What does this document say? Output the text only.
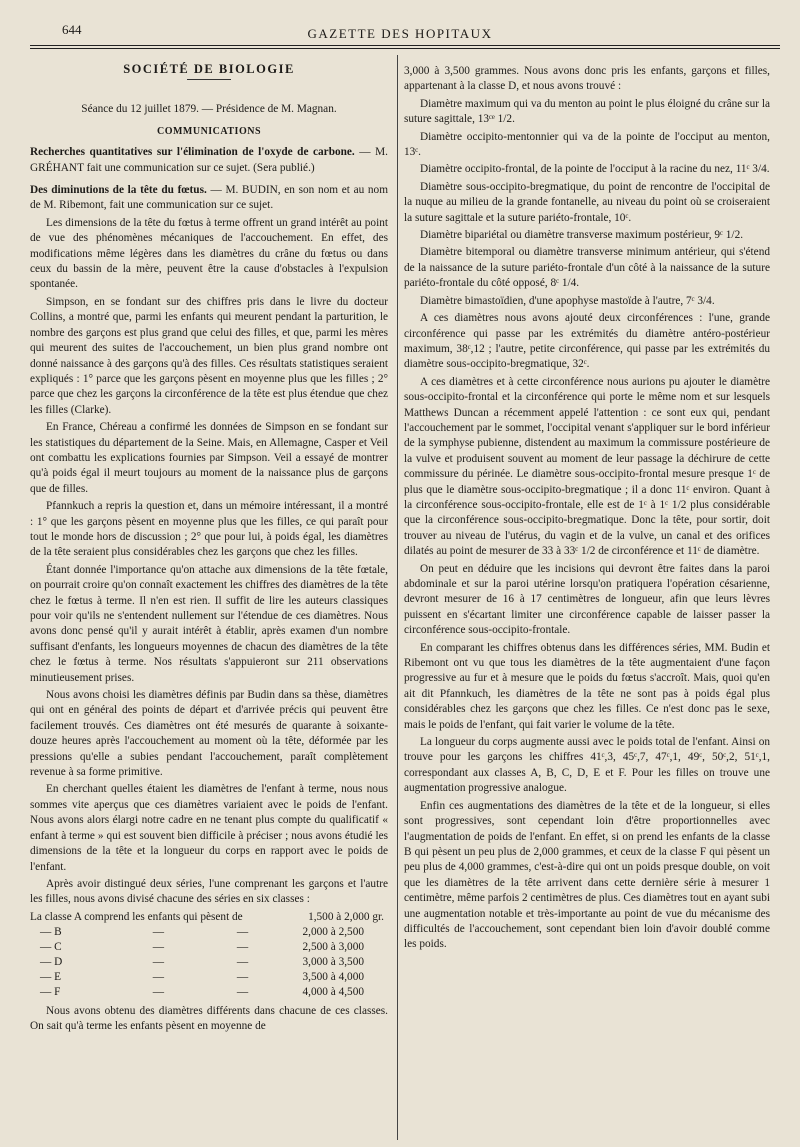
644	GAZETTE DES HOPITAUX
SOCIÉTÉ DE BIOLOGIE
Séance du 12 juillet 1879. — Présidence de M. Magnan.
COMMUNICATIONS

Recherches quantitatives sur l'élimination de l'oxyde de carbone. — M. GRÉHANT fait une communication sur ce sujet. (Sera publié.)

Des diminutions de la tête du fœtus. — M. BUDIN, en son nom et au nom de M. Ribemont, fait une communication sur ce sujet.

Les dimensions de la tête du fœtus à terme offrent un grand intérêt au point de vue des phénomènes mécaniques de l'accouchement. En effet, des modifications même légères dans les diamètres du crâne du fœtus ou dans ceux du bassin de la mère, peuvent être la cause d'obstacles à l'expulsion spontanée.

Simpson, en se fondant sur des chiffres pris dans le livre du docteur Collins, a montré que, parmi les enfants qui meurent pendant la parturition, le nombre des garçons est plus grand que celui des filles, et que, parmi les mères qui meurent des suites de l'accouchement, un bien plus grand nombre ont donné naissance à des garçons qu'à des filles. Ces résultats statistiques seraient expliqués : 1° parce que les garçons pèsent en moyenne plus que les filles ; 2° parce que chez les garçons la circonférence de la tête est plus étendue que chez les filles (Clarke).

En France, Chéreau a confirmé les données de Simpson en se fondant sur les statistiques du département de la Seine. Mais, en Allemagne, Casper et Veil ont combattu les explications fournies par Simpson. Veil a essayé de montrer qu'à poids égal il meurt toujours au moment de la naissance plus de garçons que de filles.

Pfannkuch a repris la question et, dans un mémoire intéressant, il a montré : 1° que les garçons pèsent en moyenne plus que les filles, ce qui paraît pour tout le monde hors de discussion ; 2° que pour lui, à poids égal, les diamètres de la tête seraient plus considérables chez les garçons que chez les filles.

Étant donnée l'importance qu'on attache aux dimensions de la tête fœtale, on pourrait croire qu'on connaît exactement les chiffres des diamètres de la tête chez le fœtus à terme. Il n'en est rien. Il suffit de lire les auteurs classiques pour voir qu'ils ne s'entendent nullement sur l'étendue de ces diamètres. Nous avons donc pensé qu'il y aurait intérêt à établir, après examen d'un nombre suffisant d'enfants, les longueurs moyennes de chacun des diamètres de la tête chez le fœtus à terme. Nos résultats s'appuieront sur 211 observations minutieusement prises.

Nous avons choisi les diamètres définis par Budin dans sa thèse, diamètres qui ont en général des points de départ et d'arrivée précis qui peuvent être facilement trouvés. Ces diamètres ont été mesurés de quarante à soixante-douze heures après l'accouchement au moment où la tête, déformée par les pressions qu'elle a subies pendant l'accouchement, paraît complètement revenue à sa forme primitive.

En cherchant quelles étaient les diamètres de l'enfant à terme, nous nous sommes vite aperçus que ces diamètres variaient avec le poids de l'enfant. Nous avons alors élargi notre cadre en ne tenant plus compte du qualificatif « enfant à terme » qui est souvent bien difficile à préciser ; nous avons étudié les dimensions de la tête et la longueur du corps en rapport avec le poids de l'enfant.

Après avoir distingué deux séries, l'une comprenant les garçons et l'autre les filles, nous avons divisé chacune des séries en six classes :

La classe A comprend les enfants qui pèsent de			1,500 à 2,000 gr.
— B	—	—	2,000 à 2,500
— C	—	—	2,500 à 3,000
— D	—	—	3,000 à 3,500
— E	—	—	3,500 à 4,000
— F	—	—	4,000 à 4,500

Nous avons obtenu des diamètres différents dans chacune de ces classes. On sait qu'à terme les enfants pèsent en moyenne de

3,000 à 3,500 grammes. Nous avons donc pris les enfants, garçons et filles, appartenant à la classe D, et nous avons trouvé :

Diamètre maximum qui va du menton au point le plus éloigné du crâne sur la suture sagittale, 13ᶜᵉ 1/2.

Diamètre occipito-mentonnier qui va de la pointe de l'occiput au menton, 13ᶜ.

Diamètre occipito-frontal, de la pointe de l'occiput à la racine du nez, 11ᶜ 3/4.

Diamètre sous-occipito-bregmatique, du point de rencontre de l'occipital de la nuque au milieu de la grande fontanelle, au niveau du point où se croiseraient la suture sagittale et la suture pariéto-frontale, 10ᶜ.

Diamètre bipariétal ou diamètre transverse maximum postérieur, 9ᶜ 1/2.

Diamètre bitemporal ou diamètre transverse minimum antérieur, qui s'étend de la naissance de la suture pariéto-frontale d'un côté à la naissance de la suture pariéto-frontale du côté opposé, 8ᶜ 1/4.

Diamètre bimastoïdien, d'une apophyse mastoïde à l'autre, 7ᶜ 3/4.

A ces diamètres nous avons ajouté deux circonférences : l'une, grande circonférence qui passe par les extrémités du diamètre antéro-postérieur maximum, 38ᶜ,12 ; l'autre, petite circonférence, qui passe par les extrémités du diamètre sous-occipito-bregmatique, 32ᶜ.

A ces diamètres et à cette circonférence nous aurions pu ajouter le diamètre sous-occipito-frontal et la circonférence qui porte le même nom et sur lesquels Matthews Duncan a récemment appelé l'attention : ce sont eux qui, pendant l'accouchement par le sommet, l'occipital venant s'appliquer sur le bord inférieur de la symphyse pubienne, distendent au maximum la commissure postérieure de la vulve et produisent souvent au moment de leur passage la déchirure de cette commissure du périnée. Le diamètre sous-occipito-frontal mesure presque 1ᶜ de plus que le diamètre sous-occipito-bregmatique ; il a donc 11ᶜ environ. Quant à la circonférence sous-occipito-frontale, elle est de 1ᶜ à 1ᶜ 1/2 plus considérable que la circonférence sous-occipito-bregmatique. Donc la tête, pour sortir, doit trouver au niveau de l'utérus, du vagin et de la vulve, un canal et des orifices dilatés au point de mesurer de 33 à 33ᶜ 1/2 de circonférence et 11ᶜ de diamètre.

On peut en déduire que les incisions qui devront être faites dans la paroi abdominale et sur la paroi utérine lorsqu'on pratiquera l'opération césarienne, devront mesurer de 16 à 17 centimètres de longueur, afin que leurs lèvres puissent en s'écartant limiter une circonférence capable de laisser passer la circonférence sous-occipito-frontale.

En comparant les chiffres obtenus dans les différences séries, MM. Budin et Ribemont ont vu que tous les diamètres de la tête augmentaient d'une façon progressive au fur et à mesure que le poids du fœtus s'accroît. Mais, quoi qu'en ait dit Pfannkuch, les diamètres de la tête ne sont pas à poids égal plus considérables chez les garçons que chez les filles. Ce n'est donc pas le sexe, mais le poids de l'enfant, qui fait varier le volume de la tête.

La longueur du corps augmente aussi avec le poids total de l'enfant. Ainsi on trouve pour les garçons les chiffres 41ᶜ,3, 45ᶜ,7, 47ᶜ,1, 49ᶜ, 50ᶜ,2, 51ᶜ,1, correspondant aux classes A, B, C, D, E et F. Pour les filles on trouve une augmentation progressive analogue.

Enfin ces augmentations des diamètres de la tête et de la longueur, si elles sont progressives, sont cependant loin d'être proportionnelles avec l'augmentation de poids de l'enfant. En effet, si on prend les enfants de la classe B qui pèsent un peu plus de 2,000 grammes, et ceux de la classe F qui pèsent un peu plus de 4,000 grammes, c'est-à-dire qui ont un poids presque double, on voit que les diamètres de la tête arrivent dans cette dernière série à mesurer 1 centimètre, même parfois 2 centimètres de plus. Ces diamètres tout en ayant subi une augmentation notable et très-importante au point de vue du mécanisme des difficultés de l'accouchement, sont cependant bien loin d'avoir doublé comme les poids.
